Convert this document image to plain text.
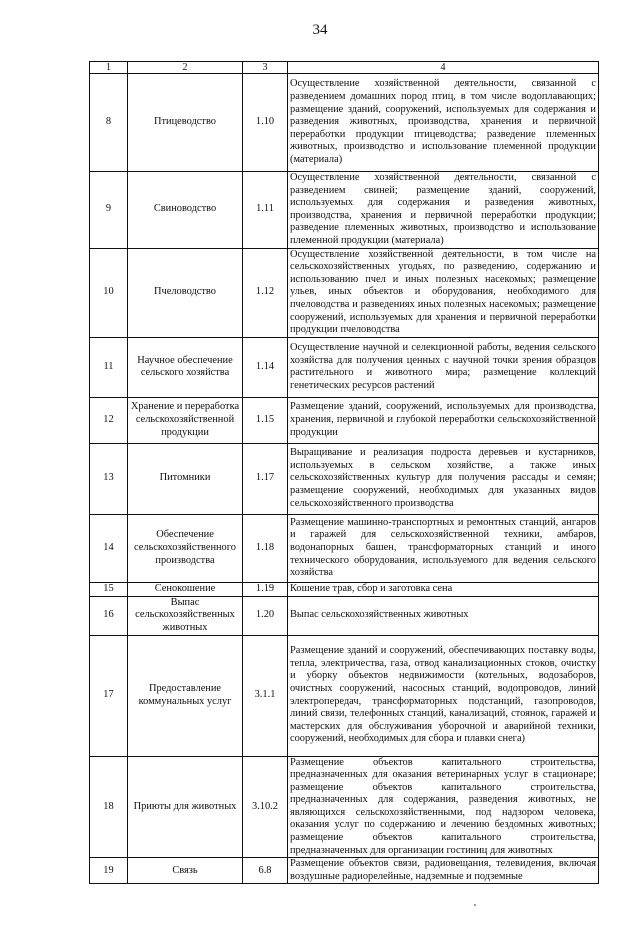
34
1	2	3	4
8	Птицеводство	1.10	Осуществление хозяйственной деятельности, связанной с разведением домашних пород птиц, в том числе водоплавающих; размещение зданий, сооружений, используемых для содержания и разведения животных, производства, хранения и первичной переработки продукции птицеводства; разведение племенных животных, производство и использование племенной продукции (материала)
9	Свиноводство	1.11	Осуществление хозяйственной деятельности, связанной с разведением свиней; размещение зданий, сооружений, используемых для содержания и разведения животных, производства, хранения и первичной переработки продукции; разведение племенных животных, производство и использование племенной продукции (материала)
10	Пчеловодство	1.12	Осуществление хозяйственной деятельности, в том числе на сельскохозяйственных угодьях, по разведению, содержанию и использованию пчел и иных полезных насекомых; размещение ульев, иных объектов и оборудования, необходимого для пчеловодства и разведениях иных полезных насекомых; размещение сооружений, используемых для хранения и первичной переработки продукции пчеловодства
11	Научное обеспечение сельского хозяйства	1.14	Осуществление научной и селекционной работы, ведения сельского хозяйства для получения ценных с научной точки зрения образцов растительного и животного мира; размещение коллекций генетических ресурсов растений
12	Хранение и переработка сельскохозяйственной продукции	1.15	Размещение зданий, сооружений, используемых для производства, хранения, первичной и глубокой переработки сельскохозяйственной продукции
13	Питомники	1.17	Выращивание и реализация подроста деревьев и кустарников, используемых в сельском хозяйстве, а также иных сельскохозяйственных культур для получения рассады и семян; размещение сооружений, необходимых для указанных видов сельскохозяйственного производства
14	Обеспечение сельскохозяйственного производства	1.18	Размещение машинно-транспортных и ремонтных станций, ангаров и гаражей для сельскохозяйственной техники, амбаров, водонапорных башен, трансформаторных станций и иного технического оборудования, используемого для ведения сельского хозяйства
15	Сенокошение	1.19	Кошение трав, сбор и заготовка сена
16	Выпас сельскохозяйственных животных	1.20	Выпас сельскохозяйственных животных
17	Предоставление коммунальных услуг	3.1.1	Размещение зданий и сооружений, обеспечивающих поставку воды, тепла, электричества, газа, отвод канализационных стоков, очистку и уборку объектов недвижимости (котельных, водозаборов, очистных сооружений, насосных станций, водопроводов, линий электропередач, трансформаторных подстанций, газопроводов, линий связи, телефонных станций, канализаций, стоянок, гаражей и мастерских для обслуживания уборочной и аварийной техники, сооружений, необходимых для сбора и плавки снега)
18	Приюты для животных	3.10.2	Размещение объектов капитального строительства, предназначенных для оказания ветеринарных услуг в стационаре; размещение объектов капитального строительства, предназначенных для содержания, разведения животных, не являющихся сельскохозяйственными, под надзором человека, оказания услуг по содержанию и лечению бездомных животных; размещение объектов капитального строительства, предназначенных для организации гостиниц для животных
19	Связь	6.8	Размещение объектов связи, радиовещания, телевидения, включая воздушные радиорелейные, надземные и подземные
